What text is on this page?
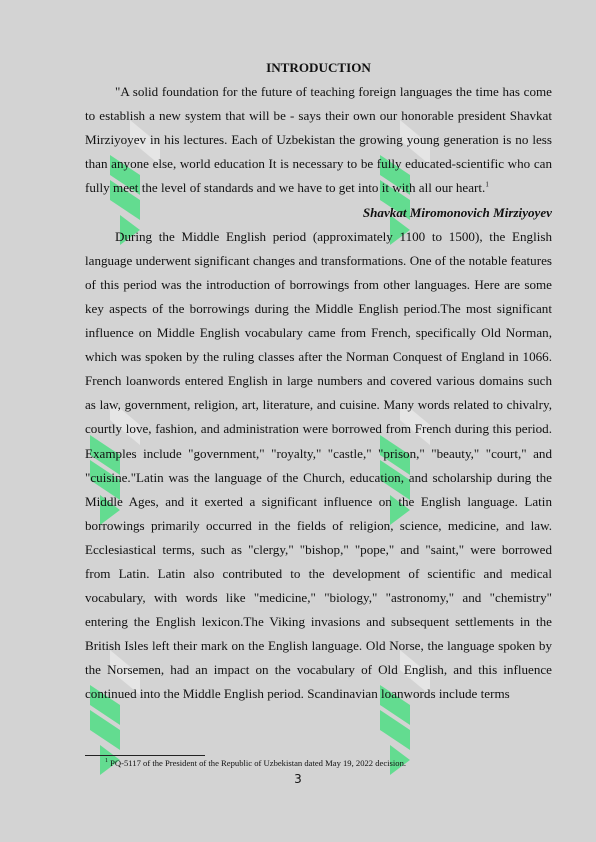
INTRODUCTION

"A solid foundation for the future of teaching foreign languages the time has come to establish a new system that will be - says their own our honorable president Shavkat Mirziyoyev in his lectures. Each of Uzbekistan the growing young generation is no less than anyone else, world education It is necessary to be fully educated-scientific who can fully meet the level of standards and we have to get into it with all our heart.$^1$

Shavkat Miromonovich Mirziyoyev

During the Middle English period (approximately 1100 to 1500), the English language underwent significant changes and transformations. One of the notable features of this period was the introduction of borrowings from other languages. Here are some key aspects of the borrowings during the Middle English period.The most significant influence on Middle English vocabulary came from French, specifically Old Norman, which was spoken by the ruling classes after the Norman Conquest of England in 1066. French loanwords entered English in large numbers and covered various domains such as law, government, religion, art, literature, and cuisine. Many words related to chivalry, courtly love, fashion, and administration were borrowed from French during this period. Examples include "government," "royalty," "castle," "prison," "beauty," "court," and "cuisine."Latin was the language of the Church, education, and scholarship during the Middle Ages, and it exerted a significant influence on the English language. Latin borrowings primarily occurred in the fields of religion, science, medicine, and law. Ecclesiastical terms, such as "clergy," "bishop," "pope," and "saint," were borrowed from Latin. Latin also contributed to the development of scientific and medical vocabulary, with words like "medicine," "biology," "astronomy," and "chemistry" entering the English lexicon.The Viking invasions and subsequent settlements in the British Isles left their mark on the English language. Old Norse, the language spoken by the Norsemen, had an impact on the vocabulary of Old English, and this influence continued into the Middle English period. Scandinavian loanwords include terms

$^1$ PQ-5117 of the President of the Republic of Uzbekistan dated May 19, 2022 decision.

3
